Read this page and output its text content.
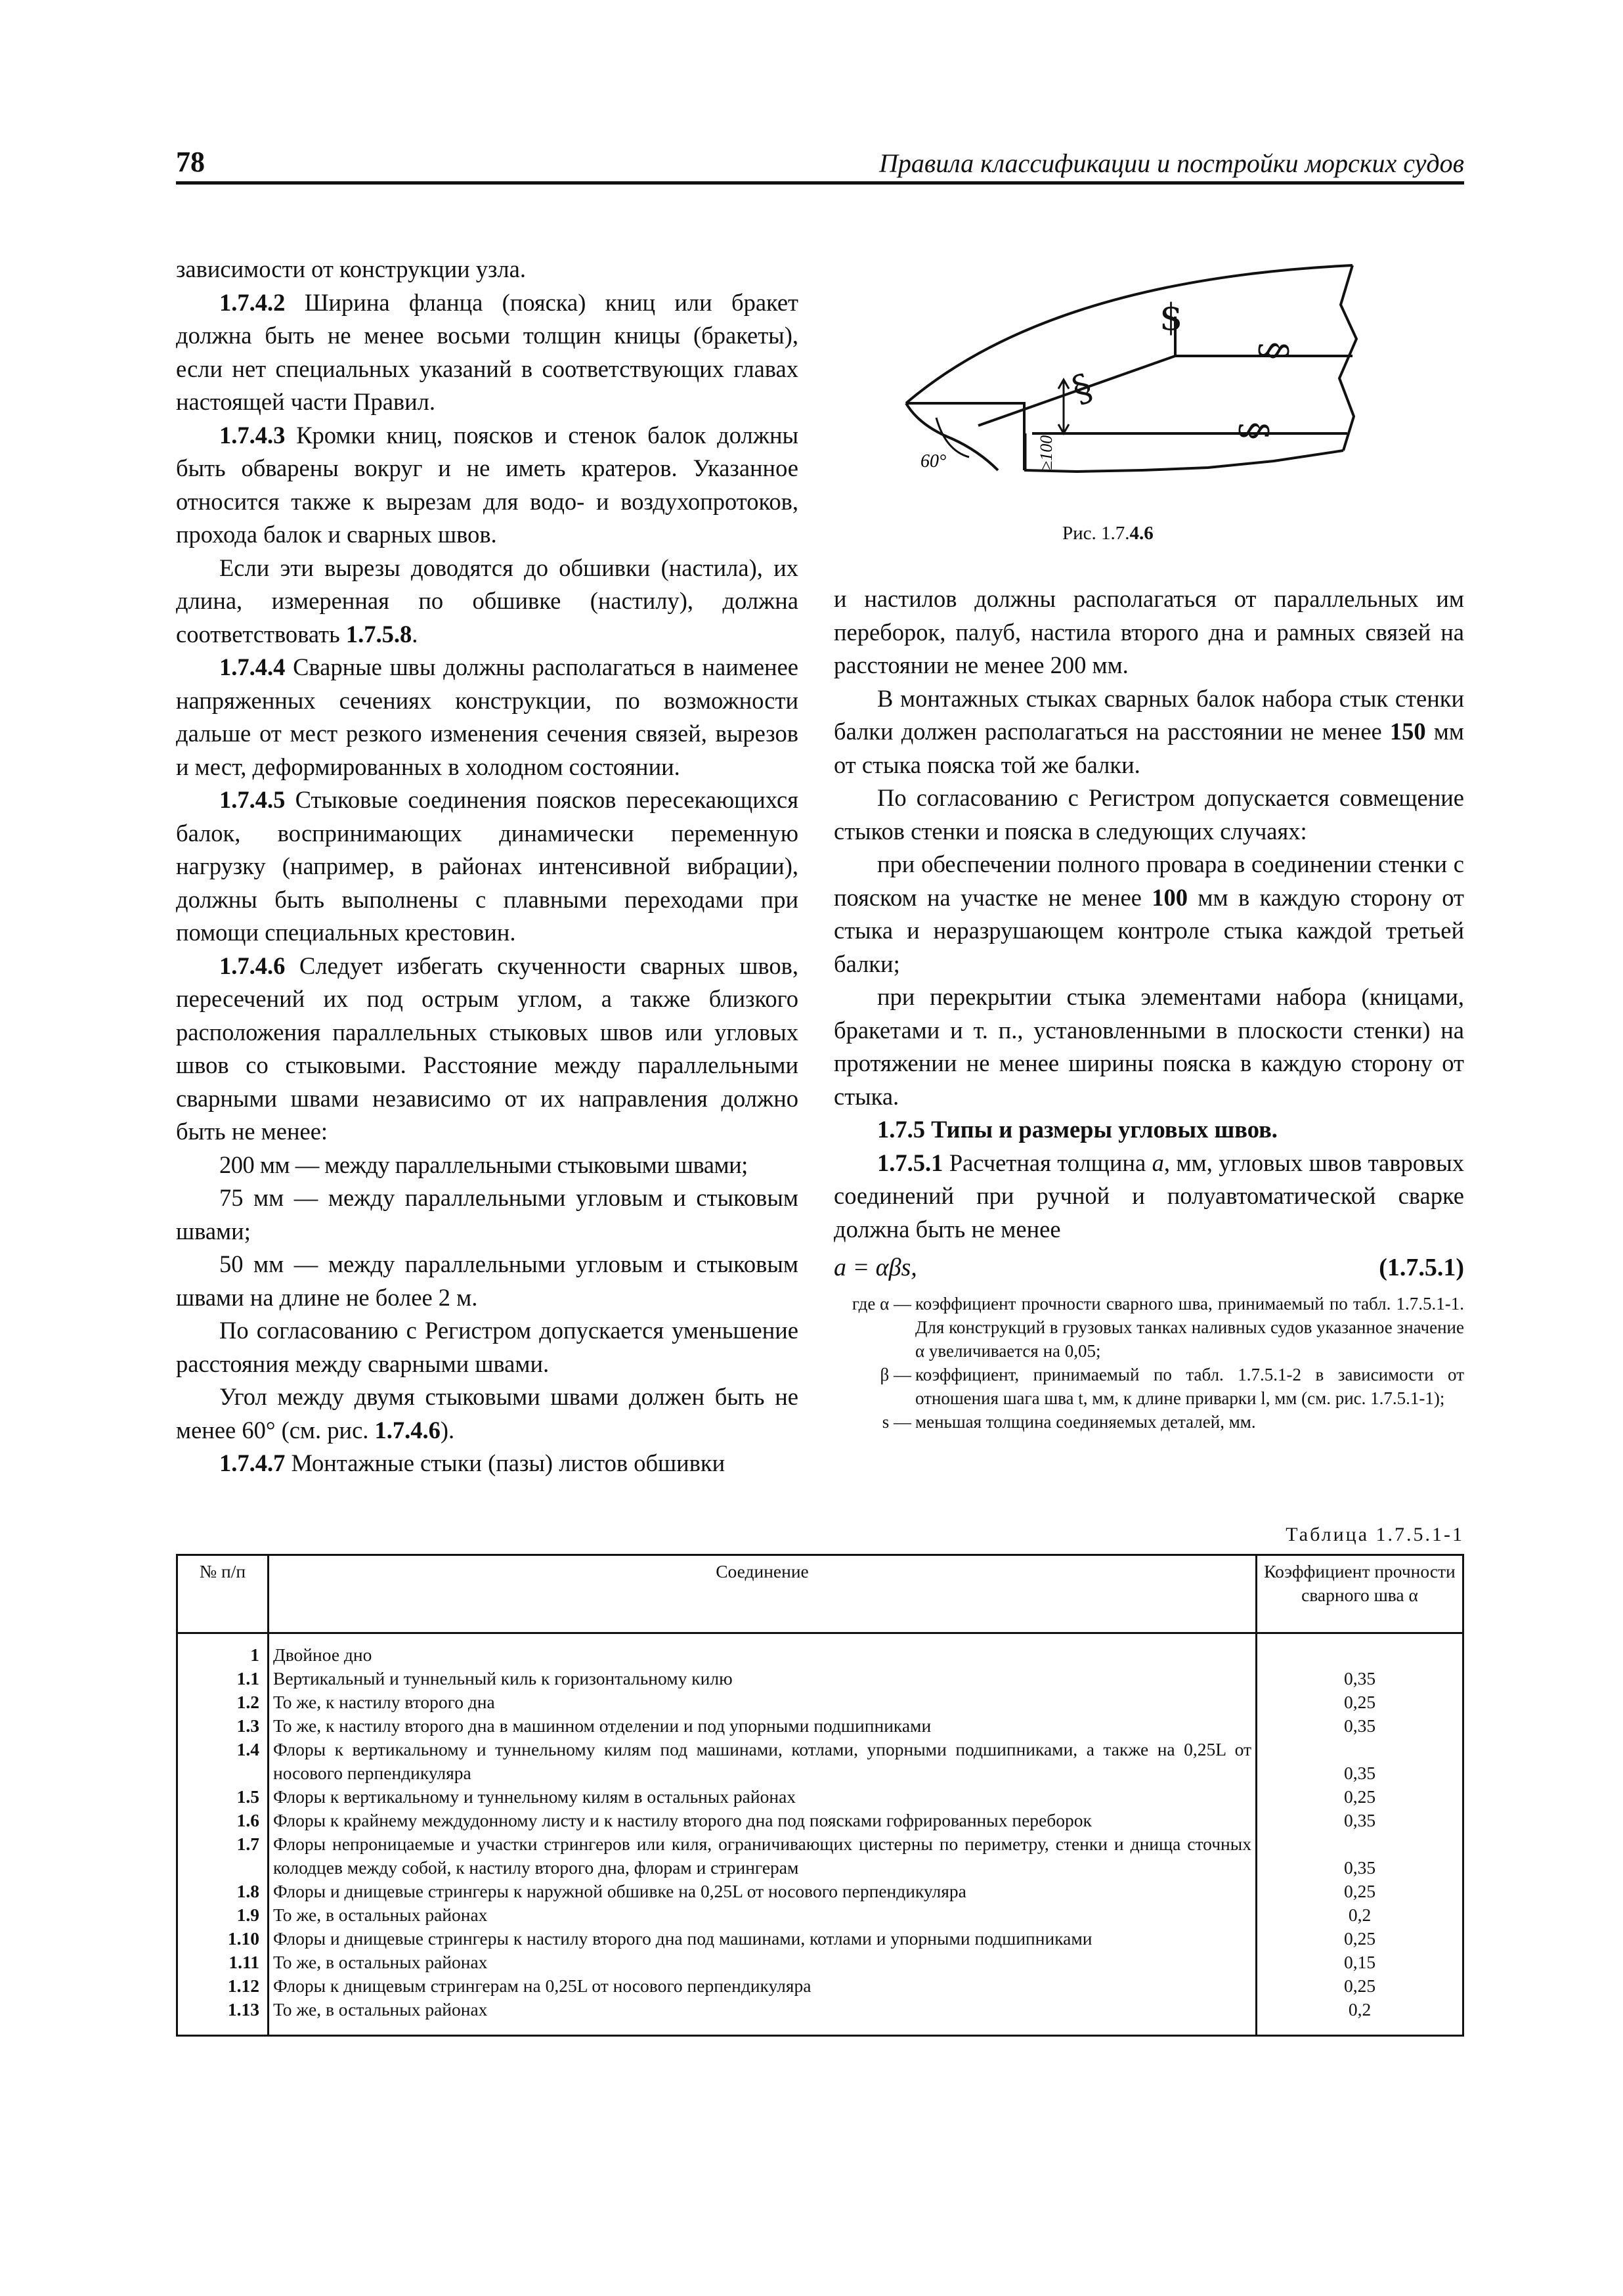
78	Правила классификации и постройки морских судов

зависимости от конструкции узла.

1.7.4.2 Ширина фланца (пояска) книц или бракет должна быть не менее восьми толщин кницы (бракеты), если нет специальных указаний в соответствующих главах настоящей части Правил.

1.7.4.3 Кромки книц, поясков и стенок балок должны быть обварены вокруг и не иметь кратеров. Указанное относится также к вырезам для водо- и воздухопротоков, прохода балок и сварных швов.

Если эти вырезы доводятся до обшивки (настила), их длина, измеренная по обшивке (настилу), должна соответствовать 1.7.5.8.

1.7.4.4 Сварные швы должны располагаться в наименее напряженных сечениях конструкции, по возможности дальше от мест резкого изменения сечения связей, вырезов и мест, деформированных в холодном состоянии.

1.7.4.5 Стыковые соединения поясков пересекающихся балок, воспринимающих динамически переменную нагрузку (например, в районах интенсивной вибрации), должны быть выполнены с плавными переходами при помощи специальных крестовин.

1.7.4.6 Следует избегать скученности сварных швов, пересечений их под острым углом, а также близкого расположения параллельных стыковых швов или угловых швов со стыковыми. Расстояние между параллельными сварными швами независимо от их направления должно быть не менее:

200 мм — между параллельными стыковыми швами;

75 мм — между параллельными угловым и стыковым швами;

50 мм — между параллельными угловым и стыковым швами на длине не более 2 м.

По согласованию с Регистром допускается уменьшение расстояния между сварными швами.

Угол между двумя стыковыми швами должен быть не менее 60° (см. рис. 1.7.4.6).

1.7.4.7 Монтажные стыки (пазы) листов обшивки

$
§
§
§
60°	≥100
Рис. 1.7.4.6

и настилов должны располагаться от параллельных им переборок, палуб, настила второго дна и рамных связей на расстоянии не менее 200 мм.

В монтажных стыках сварных балок набора стык стенки балки должен располагаться на расстоянии не менее 150 мм от стыка пояска той же балки.

По согласованию с Регистром допускается совмещение стыков стенки и пояска в следующих случаях:

при обеспечении полного провара в соединении стенки с пояском на участке не менее 100 мм в каждую сторону от стыка и неразрушающем контроле стыка каждой третьей балки;

при перекрытии стыка элементами набора (кницами, бракетами и т. п., установленными в плоскости стенки) на протяжении не менее ширины пояска в каждую сторону от стыка.

1.7.5 Типы и размеры угловых швов.

1.7.5.1 Расчетная толщина a, мм, угловых швов тавровых соединений при ручной и полуавтоматической сварке должна быть не менее

a = αβs,	(1.7.5.1)
где α — коэффициент прочности сварного шва, принимаемый по табл. 1.7.5.1-1. Для конструкций в грузовых танках наливных судов указанное значение α увеличивается на 0,05;
β — коэффициент, принимаемый по табл. 1.7.5.1-2 в зависимости от отношения шага шва t, мм, к длине приварки l, мм (см. рис. 1.7.5.1-1);
s — меньшая толщина соединяемых деталей, мм.
Таблица 1.7.5.1-1
№ п/п	Соединение	Коэффициент прочности сварного шва α
1	Двойное дно	
1.1	Вертикальный и туннельный киль к горизонтальному килю	0,35
1.2	То же, к настилу второго дна	0,25
1.3	То же, к настилу второго дна в машинном отделении и под упорными подшипниками	0,35
1.4	Флоры к вертикальному и туннельному килям под машинами, котлами, упорными подшипниками, а также на 0,25L от носового перпендикуляра	0,35
1.5	Флоры к вертикальному и туннельному килям в остальных районах	0,25
1.6	Флоры к крайнему междудонному листу и к настилу второго дна под поясками гофрированных переборок	0,35
1.7	Флоры непроницаемые и участки стрингеров или киля, ограничивающих цистерны по периметру, стенки и днища сточных колодцев между собой, к настилу второго дна, флорам и стрингерам	0,35
1.8	Флоры и днищевые стрингеры к наружной обшивке на 0,25L от носового перпендикуляра	0,25
1.9	То же, в остальных районах	0,2
1.10	Флоры и днищевые стрингеры к настилу второго дна под машинами, котлами и упорными подшипниками	0,25
1.11	То же, в остальных районах	0,15
1.12	Флоры к днищевым стрингерам на 0,25L от носового перпендикуляра	0,25
1.13	То же, в остальных районах	0,2
